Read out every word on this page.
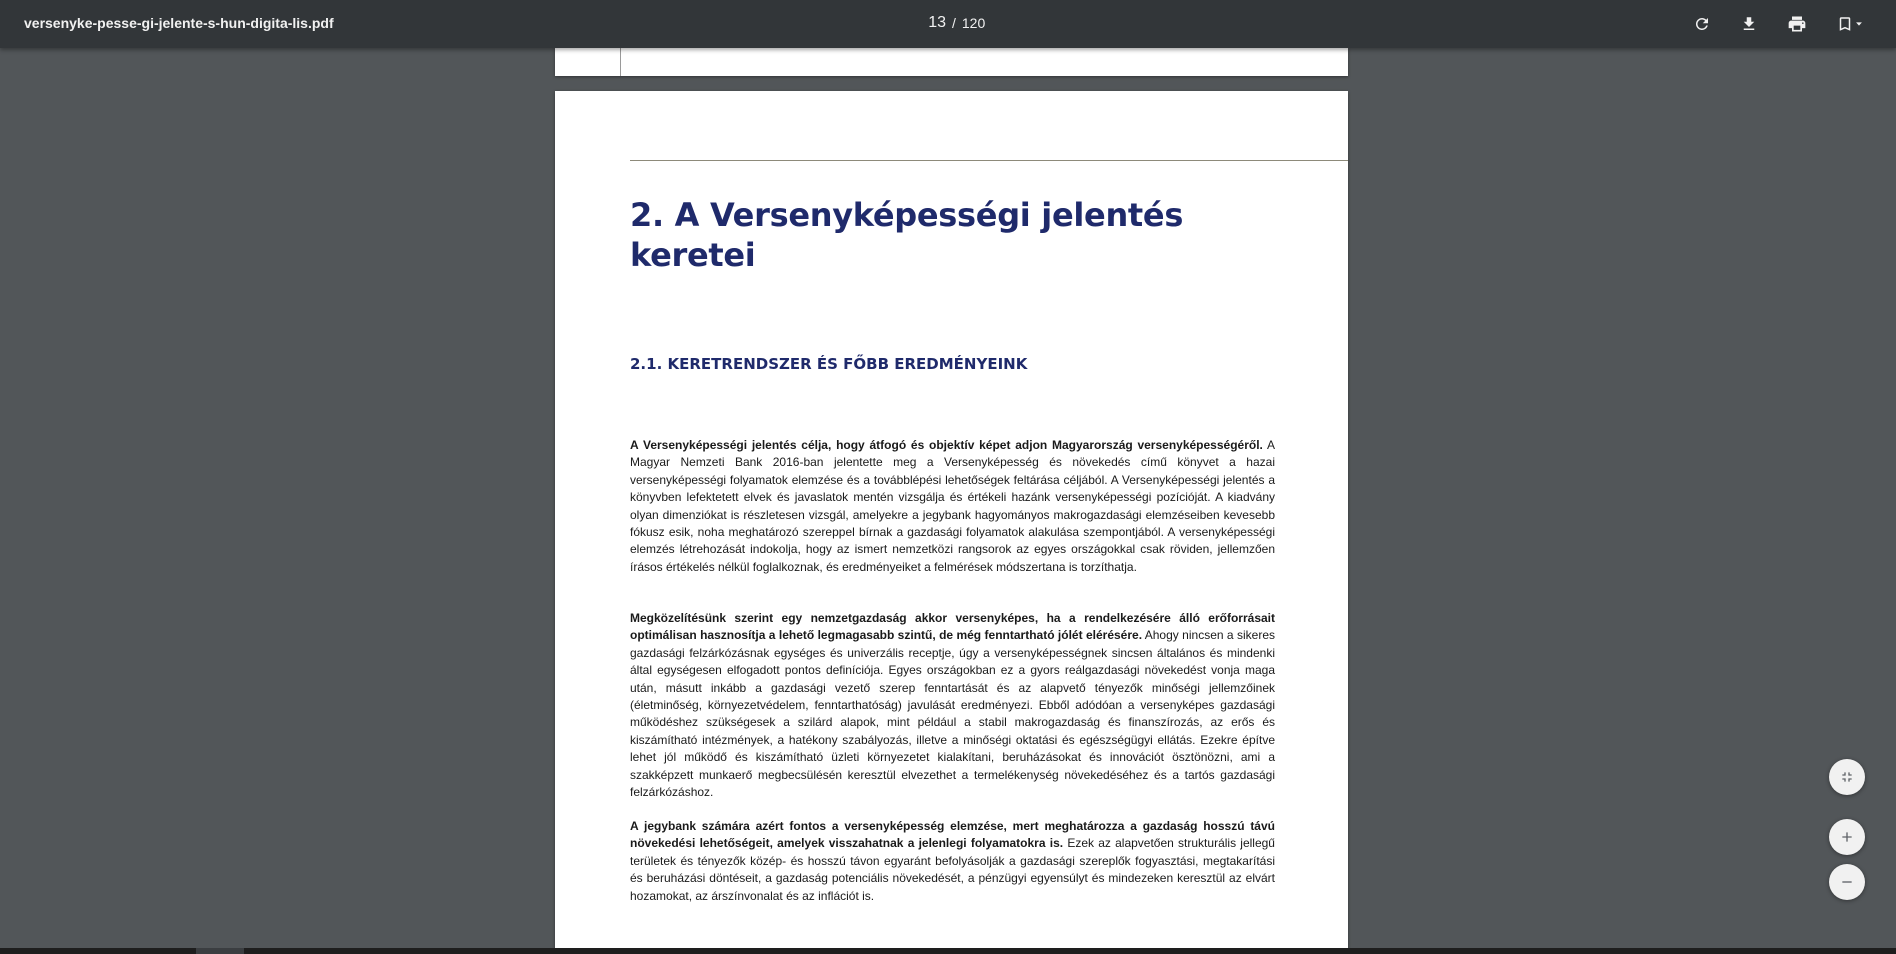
versenyke-pesse-gi-jelente-s-hun-digita-lis.pdf
13	/ 120
2. A Versenyképességi jelentés keretei
2.1. KERETRENDSZER ÉS FŐBB EREDMÉNYEINK
A Versenyképességi jelentés célja, hogy átfogó és objektív képet adjon Magyarország versenyképességéről. A Magyar Nemzeti Bank 2016-ban jelentette meg a Versenyképesség és növekedés című könyvet a hazai versenyképességi folyamatok elemzése és a továbblépési lehetőségek feltárása céljából. A Versenyképességi jelentés a könyvben lefektetett elvek és javaslatok mentén vizsgálja és értékeli hazánk versenyképességi pozícióját. A kiadvány olyan dimenziókat is részletesen vizsgál, amelyekre a jegybank hagyományos makrogazdasági elemzéseiben kevesebb fókusz esik, noha meghatározó szereppel bírnak a gazdasági folyamatok alakulása szempontjából. A versenyképességi elemzés létrehozását indokolja, hogy az ismert nemzetközi rangsorok az egyes országokkal csak röviden, jellemzően írásos értékelés nélkül foglalkoznak, és eredményeiket a felmérések módszertana is torzíthatja.
Megközelítésünk szerint egy nemzetgazdaság akkor versenyképes, ha a rendelkezésére álló erőforrásait optimálisan hasznosítja a lehető legmagasabb szintű, de még fenntartható jólét elérésére. Ahogy nincsen a sikeres gazdasági felzárkózásnak egységes és univerzális receptje, úgy a versenyképességnek sincsen általános és mindenki által egységesen elfogadott pontos definíciója. Egyes országokban ez a gyors reálgazdasági növekedést vonja maga után, másutt inkább a gazdasági vezető szerep fenntartását és az alapvető tényezők minőségi jellemzőinek (életminőség, környezetvédelem, fenntarthatóság) javulását eredményezi. Ebből adódóan a versenyképes gazdasági működéshez szükségesek a szilárd alapok, mint például a stabil makrogazdaság és finanszírozás, az erős és kiszámítható intézmények, a hatékony szabályozás, illetve a minőségi oktatási és egészségügyi ellátás. Ezekre építve lehet jól működő és kiszámítható üzleti környezetet kialakítani, beruházásokat és innovációt ösztönözni, ami a szakképzett munkaerő megbecsülésén keresztül elvezethet a termelékenység növekedéséhez és a tartós gazdasági felzárkózáshoz.
A jegybank számára azért fontos a versenyképesség elemzése, mert meghatározza a gazdaság hosszú távú növekedési lehetőségeit, amelyek visszahatnak a jelenlegi folyamatokra is. Ezek az alapvetően strukturális jellegű területek és tényezők közép- és hosszú távon egyaránt befolyásolják a gazdasági szereplők fogyasztási, megtakarítási és beruházási döntéseit, a gazdaság potenciális növekedését, a pénzügyi egyensúlyt és mindezeken keresztül az elvárt hozamokat, az árszínvonalat és az inflációt is.
